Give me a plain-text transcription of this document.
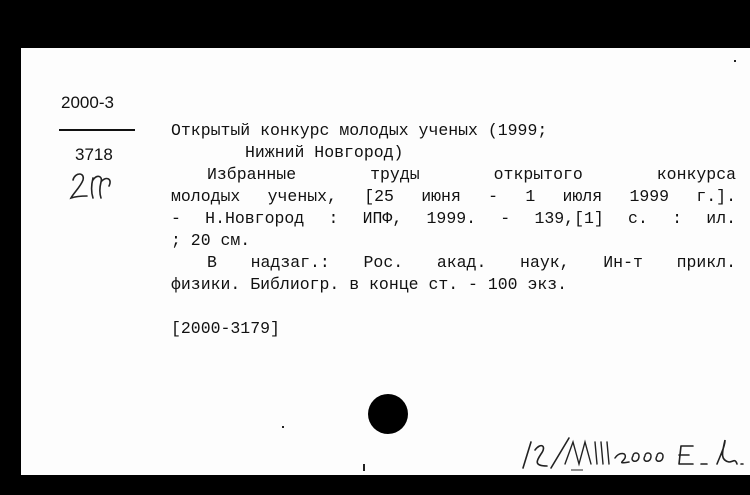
2000-3
3718
Открытый конкурс молодых ученых (1999;
Нижний Новгород)
Избранные труды открытого конкурса
молодых ученых, [25 июня - 1 июля 1999 г.].
- Н.Новгород : ИПФ, 1999. - 139,[1] с. : ил.
; 20 см.
В надзаг.: Рос. акад. наук, Ин-т прикл.
физики. Библиогр. в конце ст. - 100 экз.
[2000-3179]
